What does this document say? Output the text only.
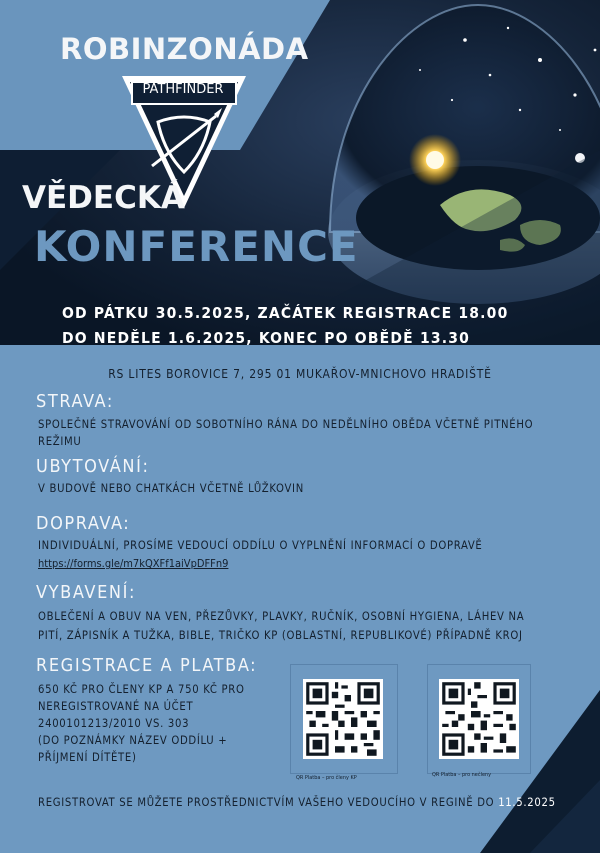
PATHFINDER
ROBINZONÁDA
VĚDECKÁ
KONFERENCE
OD PÁTKU 30.5.2025, ZAČÁTEK REGISTRACE 18.00
DO NEDĚLE 1.6.2025, KONEC PO OBĚDĚ 13.30
RS LITES BOROVICE 7, 295 01 MUKAŘOV-MNICHOVO HRADIŠTĚ
STRAVA:
SPOLEČNÉ STRAVOVÁNÍ OD SOBOTNÍHO RÁNA DO NEDĚLNÍHO OBĚDA VČETNĚ PITNÉHO
REŽIMU
UBYTOVÁNÍ:
V BUDOVĚ NEBO CHATKÁCH VČETNĚ LŮŽKOVIN
DOPRAVA:
INDIVIDUÁLNÍ, PROSÍME VEDOUCÍ ODDÍLU O VYPLNĚNÍ INFORMACÍ O DOPRAVĚ
https://forms.gle/m7kQXFf1aiVpDFFn9
VYBAVENÍ:
OBLEČENÍ A OBUV NA VEN, PŘEZŮVKY, PLAVKY, RUČNÍK, OSOBNÍ HYGIENA, LÁHEV NA
PITÍ, ZÁPISNÍK A TUŽKA, BIBLE, TRIČKO KP (OBLASTNÍ, REPUBLIKOVÉ) PŘÍPADNĚ KROJ
REGISTRACE A PLATBA:
650 KČ PRO ČLENY KP A 750 KČ PRO
NEREGISTROVANÉ NA ÚČET
2400101213/2010 VS. 303
(DO POZNÁMKY NÁZEV ODDÍLU +
PŘÍJMENÍ DÍTĚTE)
QR Platba – pro členy KP	QR Platba – pro nečleny
REGISTROVAT SE MŮŽETE PROSTŘEDNICTVÍM VAŠEHO VEDOUCÍHO V REGINĚ DO 11.5.2025
